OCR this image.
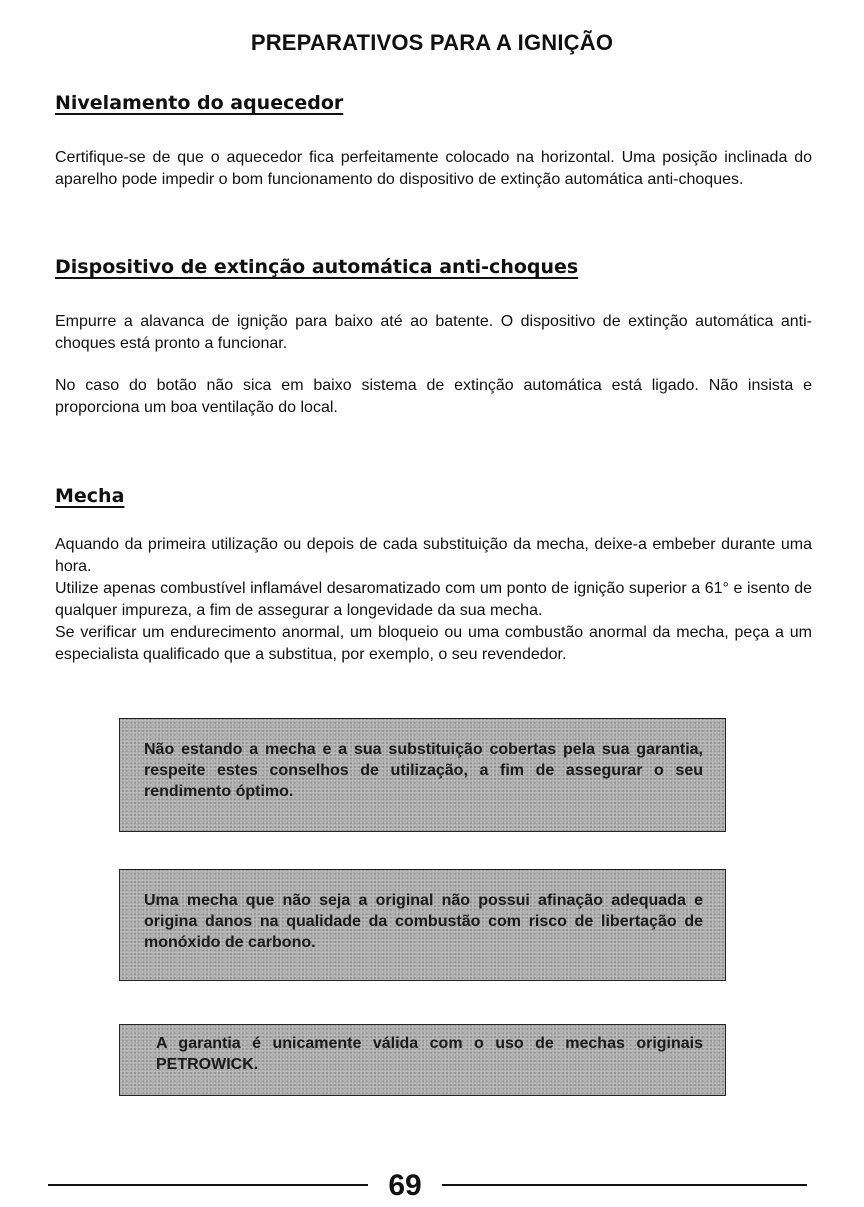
PREPARATIVOS PARA A IGNIÇÃO
Nivelamento do aquecedor

Certifique-se de que o aquecedor fica perfeitamente colocado na horizontal. Uma posição inclinada do aparelho pode impedir o bom funcionamento do dispositivo de extinção automática anti-choques.

Dispositivo de extinção automática anti-choques

Empurre a alavanca de ignição para baixo até ao batente. O dispositivo de extinção automática anti-choques está pronto a funcionar.

No caso do botão não sica em baixo sistema de extinção automática está ligado. Não insista e proporciona um boa ventilação do local.

Mecha

Aquando da primeira utilização ou depois de cada substituição da mecha, deixe-a embeber durante uma hora.

Utilize apenas combustível inflamável desaromatizado com um ponto de ignição superior a 61° e isento de qualquer impureza, a fim de assegurar a longevidade da sua mecha.

Se verificar um endurecimento anormal, um bloqueio ou uma combustão anormal da mecha, peça a um especialista qualificado que a substitua, por exemplo, o seu revendedor.

Não estando a mecha e a sua substituição cobertas pela sua garantia, respeite estes conselhos de utilização, a fim de assegurar o seu rendimento óptimo.

Uma mecha que não seja a original não possui afinação adequada e origina danos na qualidade da combustão com risco de libertação de monóxido de carbono.

A garantia é unicamente válida com o uso de mechas originais PETROWICK.

69
